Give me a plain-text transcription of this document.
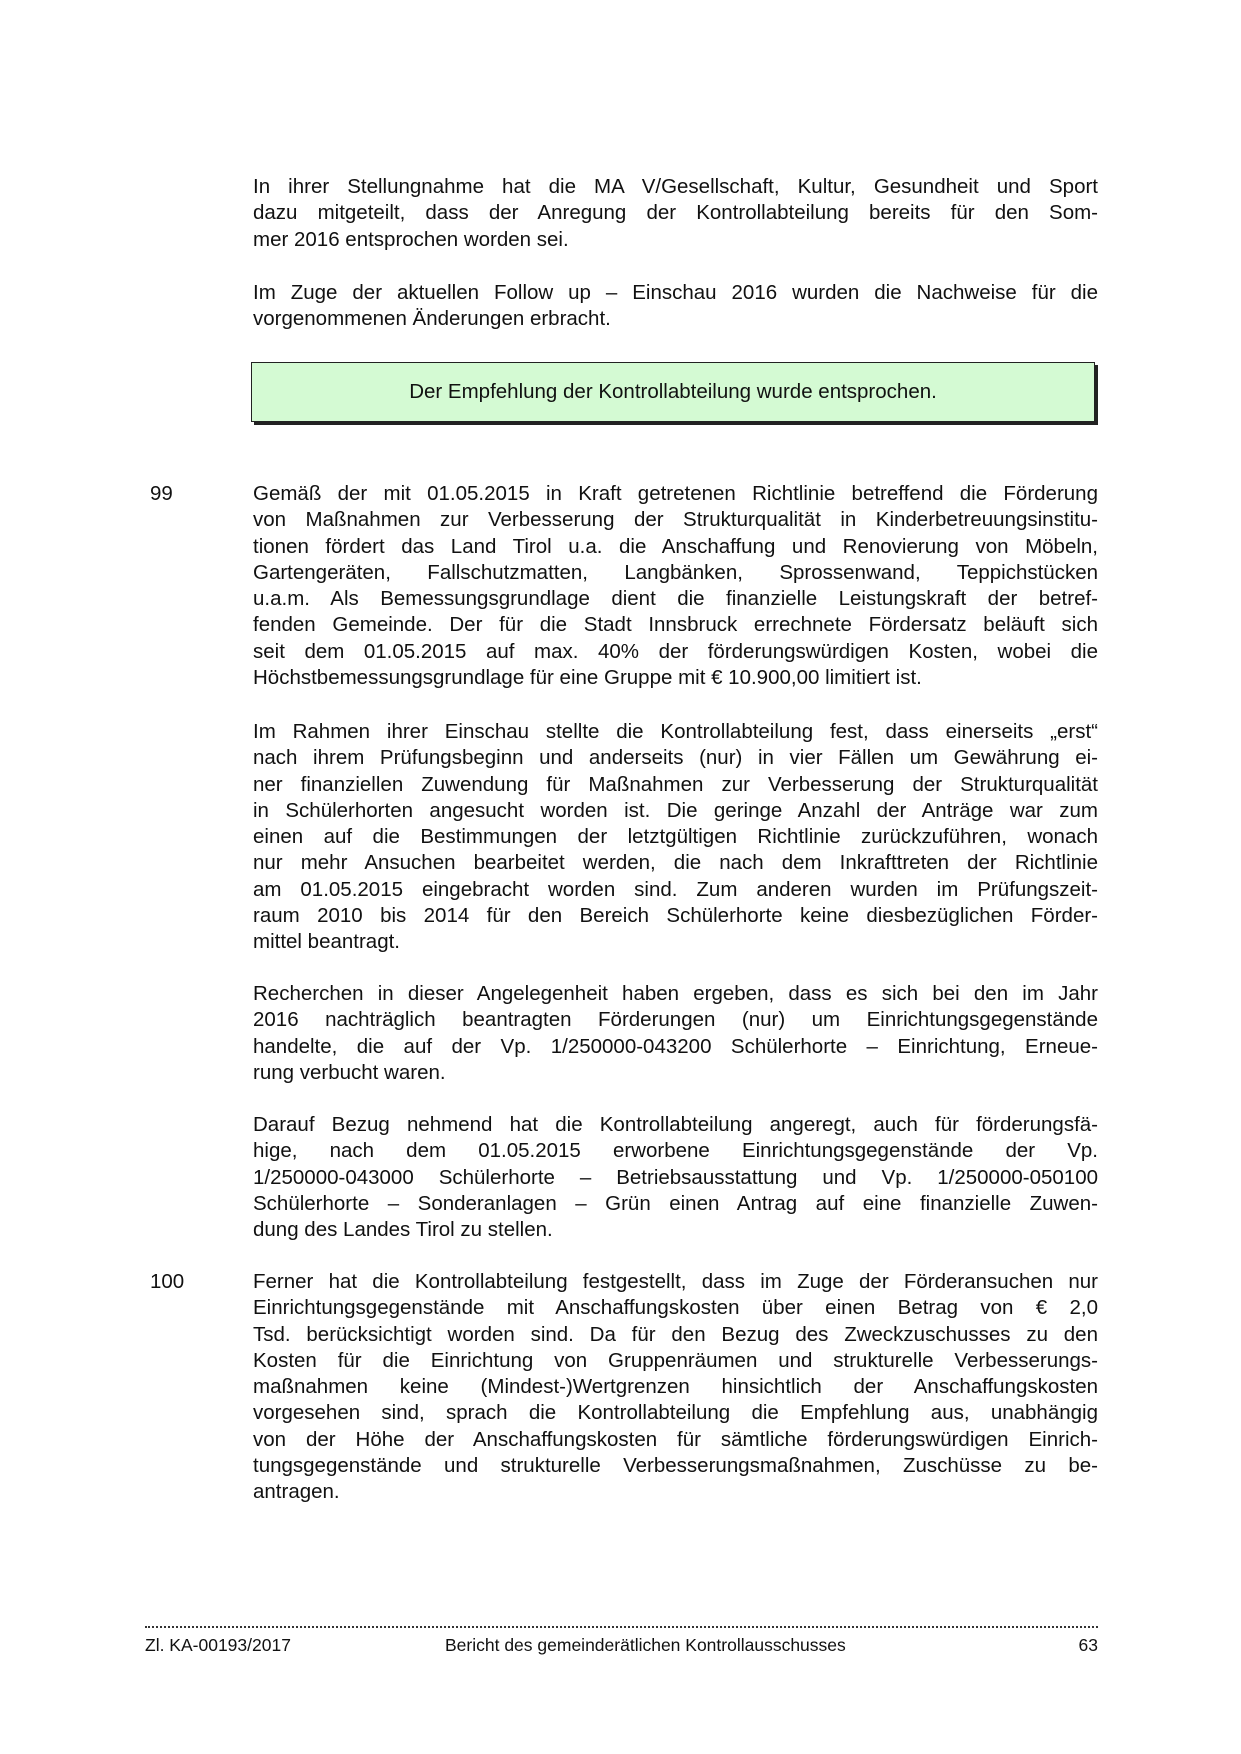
In ihrer Stellungnahme hat die MA V/Gesellschaft, Kultur, Gesundheit und Sport
dazu mitgeteilt, dass der Anregung der Kontrollabteilung bereits für den Som-
mer 2016 entsprochen worden sei.
Im Zuge der aktuellen Follow up – Einschau 2016 wurden die Nachweise für die
vorgenommenen Änderungen erbracht.
Der Empfehlung der Kontrollabteilung wurde entsprochen.
99	Gemäß der mit 01.05.2015 in Kraft getretenen Richtlinie betreffend die Förderung
von Maßnahmen zur Verbesserung der Strukturqualität in Kinderbetreuungsinstitu-
tionen fördert das Land Tirol u.a. die Anschaffung und Renovierung von Möbeln,
Gartengeräten, Fallschutzmatten, Langbänken, Sprossenwand, Teppichstücken
u.a.m. Als Bemessungsgrundlage dient die finanzielle Leistungskraft der betref-
fenden Gemeinde. Der für die Stadt Innsbruck errechnete Fördersatz beläuft sich
seit dem 01.05.2015 auf max. 40% der förderungswürdigen Kosten, wobei die
Höchstbemessungsgrundlage für eine Gruppe mit € 10.900,00 limitiert ist.
Im Rahmen ihrer Einschau stellte die Kontrollabteilung fest, dass einerseits „erst“
nach ihrem Prüfungsbeginn und anderseits (nur) in vier Fällen um Gewährung ei-
ner finanziellen Zuwendung für Maßnahmen zur Verbesserung der Strukturqualität
in Schülerhorten angesucht worden ist. Die geringe Anzahl der Anträge war zum
einen auf die Bestimmungen der letztgültigen Richtlinie zurückzuführen, wonach
nur mehr Ansuchen bearbeitet werden, die nach dem Inkrafttreten der Richtlinie
am 01.05.2015 eingebracht worden sind. Zum anderen wurden im Prüfungszeit-
raum 2010 bis 2014 für den Bereich Schülerhorte keine diesbezüglichen Förder-
mittel beantragt.
Recherchen in dieser Angelegenheit haben ergeben, dass es sich bei den im Jahr
2016 nachträglich beantragten Förderungen (nur) um Einrichtungsgegenstände
handelte, die auf der Vp. 1/250000-043200 Schülerhorte – Einrichtung, Erneue-
rung verbucht waren.
Darauf Bezug nehmend hat die Kontrollabteilung angeregt, auch für förderungsfä-
hige, nach dem 01.05.2015 erworbene Einrichtungsgegenstände der Vp.
1/250000-043000 Schülerhorte – Betriebsausstattung und Vp. 1/250000-050100
Schülerhorte – Sonderanlagen – Grün einen Antrag auf eine finanzielle Zuwen-
dung des Landes Tirol zu stellen.
100	Ferner hat die Kontrollabteilung festgestellt, dass im Zuge der Förderansuchen nur
Einrichtungsgegenstände mit Anschaffungskosten über einen Betrag von € 2,0
Tsd. berücksichtigt worden sind. Da für den Bezug des Zweckzuschusses zu den
Kosten für die Einrichtung von Gruppenräumen und strukturelle Verbesserungs-
maßnahmen keine (Mindest-)Wertgrenzen hinsichtlich der Anschaffungskosten
vorgesehen sind, sprach die Kontrollabteilung die Empfehlung aus, unabhängig
von der Höhe der Anschaffungskosten für sämtliche förderungswürdigen Einrich-
tungsgegenstände und strukturelle Verbesserungsmaßnahmen, Zuschüsse zu be-
antragen.
Zl. KA-00193/2017	Bericht des gemeinderätlichen Kontrollausschusses	63
